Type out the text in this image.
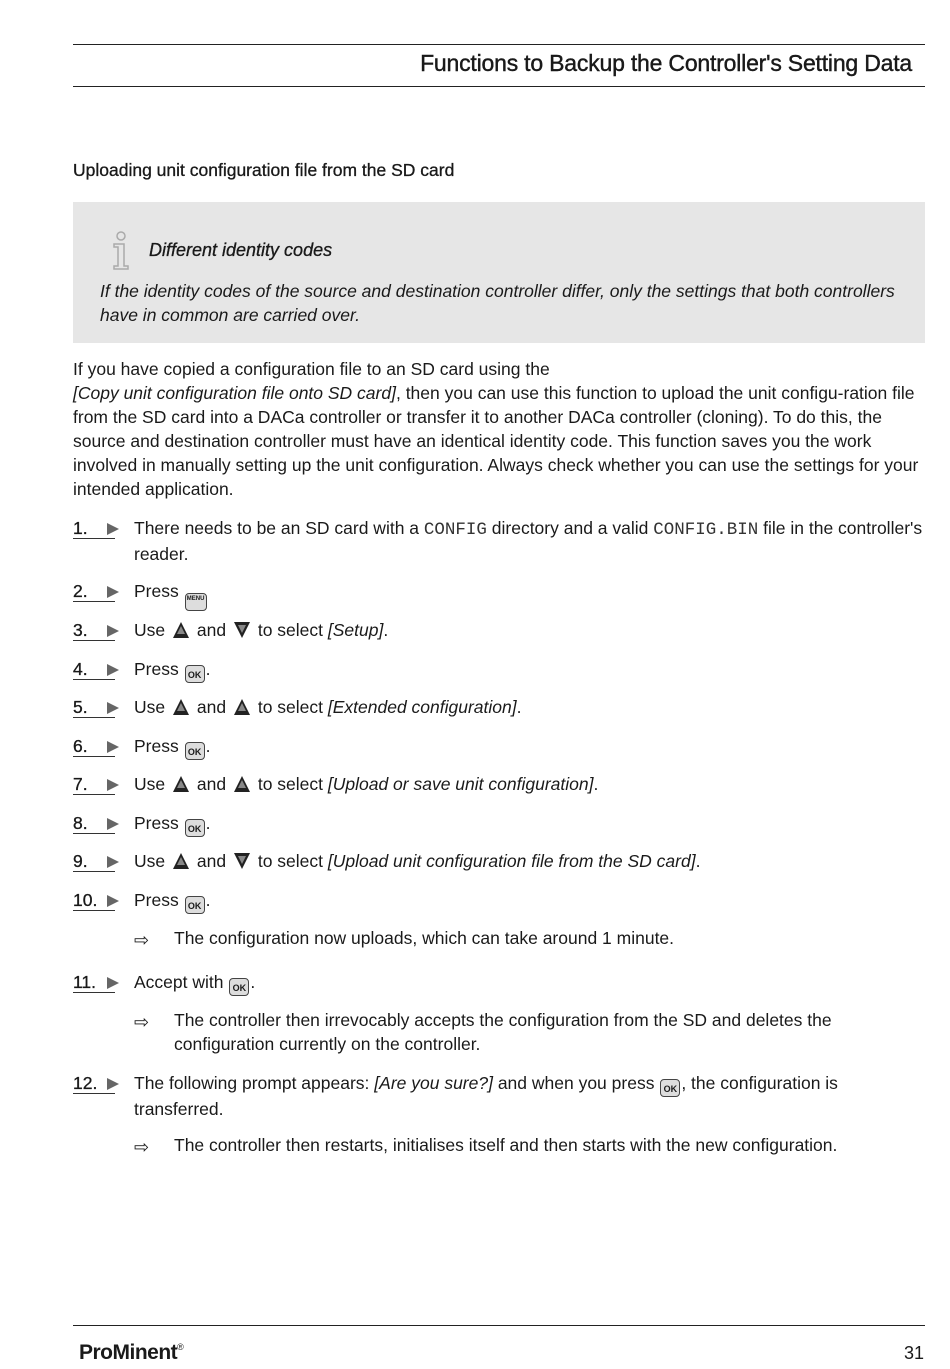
Functions to Backup the Controller's Setting Data
Uploading unit configuration file from the SD card
Different identity codes
If the identity codes of the source and destination controller differ, only the settings that both controllers have in common are carried over.
If you have copied a configuration file to an SD card using the
[Copy unit configuration file onto SD card], then you can use this function to upload the unit configu-ration file from the SD card into a DACa controller or transfer it to another DACa controller (cloning). To do this, the source and destination controller must have an identical identity code. This function saves you the work involved in manually setting up the unit configuration. Always check whether you can use the settings for your intended application.
1.	There needs to be an SD card with a CONFIG directory and a valid CONFIG.BIN file in the controller's reader.
2.	Press MENU
3.	Use and to select [Setup].
4.	Press OK .
5.	Use and to select [Extended configuration].
6.	Press OK .
7.	Use and to select [Upload or save unit configuration].
8.	Press OK .
9.	Use and to select [Upload unit configuration file from the SD card].
10. Press OK .
⇨ The configuration now uploads, which can take around 1 minute.
11. Accept with OK .
⇨ The controller then irrevocably accepts the configuration from the SD and deletes the configuration currently on the controller.
12. The following prompt appears: [Are you sure?] and when you press OK , the configuration is transferred.
⇨ The controller then restarts, initialises itself and then starts with the new configuration.
ProMinent®	31
